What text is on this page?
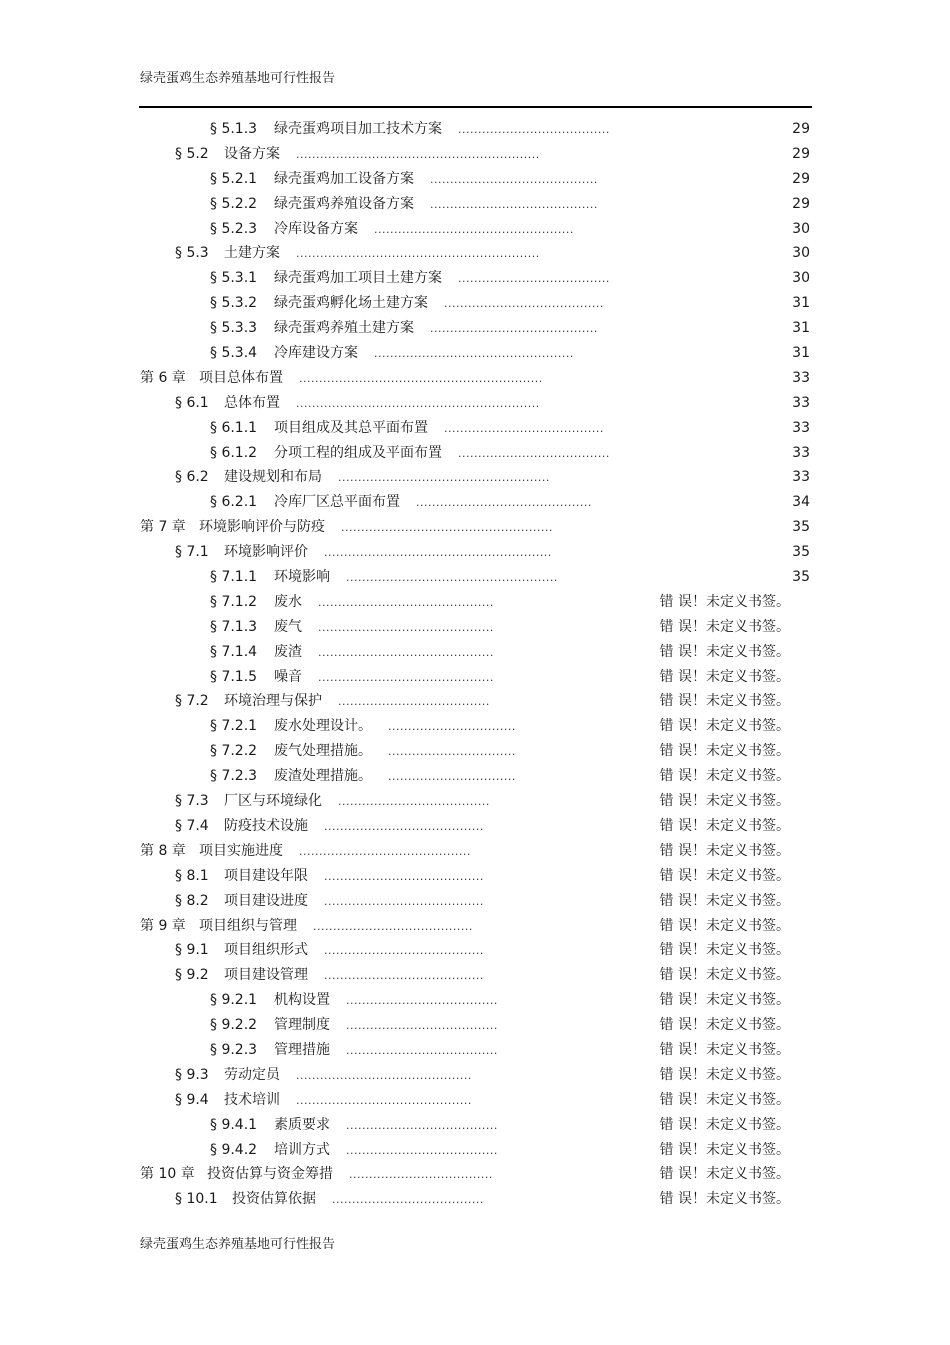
绿壳蛋鸡生态养殖基地可行性报告
§ 5.1.3 绿壳蛋鸡项目加工技术方案 ......................................	29
§ 5.2 设备方案 .............................................................	29
§ 5.2.1 绿壳蛋鸡加工设备方案 ..........................................	29
§ 5.2.2 绿壳蛋鸡养殖设备方案 ..........................................	29
§ 5.2.3 冷库设备方案 ..................................................	30
§ 5.3 土建方案 .............................................................	30
§ 5.3.1 绿壳蛋鸡加工项目土建方案 ......................................	30
§ 5.3.2 绿壳蛋鸡孵化场土建方案 ........................................	31
§ 5.3.3 绿壳蛋鸡养殖土建方案 ..........................................	31
§ 5.3.4 冷库建设方案 ..................................................	31
第 6 章 项目总体布置 .............................................................	33
§ 6.1 总体布置 .............................................................	33
§ 6.1.1 项目组成及其总平面布置 ........................................	33
§ 6.1.2 分项工程的组成及平面布置 ......................................	33
§ 6.2 建设规划和布局 .....................................................	33
§ 6.2.1 冷库厂区总平面布置 ............................................	34
第 7 章 环境影响评价与防疫 .....................................................	35
§ 7.1 环境影响评价 .........................................................	35
§ 7.1.1 环境影响 .....................................................	35
§ 7.1.2 废水 ............................................	错 误！未定义书签。
§ 7.1.3 废气 ............................................	错 误！未定义书签。
§ 7.1.4 废渣 ............................................	错 误！未定义书签。
§ 7.1.5 噪音 ............................................	错 误！未定义书签。
§ 7.2 环境治理与保护 ......................................	错 误！未定义书签。
§ 7.2.1 废水处理设计。 ................................	错 误！未定义书签。
§ 7.2.2 废气处理措施。 ................................	错 误！未定义书签。
§ 7.2.3 废渣处理措施。 ................................	错 误！未定义书签。
§ 7.3 厂区与环境绿化 ......................................	错 误！未定义书签。
§ 7.4 防疫技术设施 ........................................	错 误！未定义书签。
第 8 章 项目实施进度 ...........................................	错 误！未定义书签。
§ 8.1 项目建设年限 ........................................	错 误！未定义书签。
§ 8.2 项目建设进度 ........................................	错 误！未定义书签。
第 9 章 项目组织与管理 ........................................	错 误！未定义书签。
§ 9.1 项目组织形式 ........................................	错 误！未定义书签。
§ 9.2 项目建设管理 ........................................	错 误！未定义书签。
§ 9.2.1 机构设置 ......................................	错 误！未定义书签。
§ 9.2.2 管理制度 ......................................	错 误！未定义书签。
§ 9.2.3 管理措施 ......................................	错 误！未定义书签。
§ 9.3 劳动定员 ............................................	错 误！未定义书签。
§ 9.4 技术培训 ............................................	错 误！未定义书签。
§ 9.4.1 素质要求 ......................................	错 误！未定义书签。
§ 9.4.2 培训方式 ......................................	错 误！未定义书签。
第 10 章 投资估算与资金筹措 ....................................	错 误！未定义书签。
§ 10.1 投资估算依据 ......................................	错 误！未定义书签。
绿壳蛋鸡生态养殖基地可行性报告
